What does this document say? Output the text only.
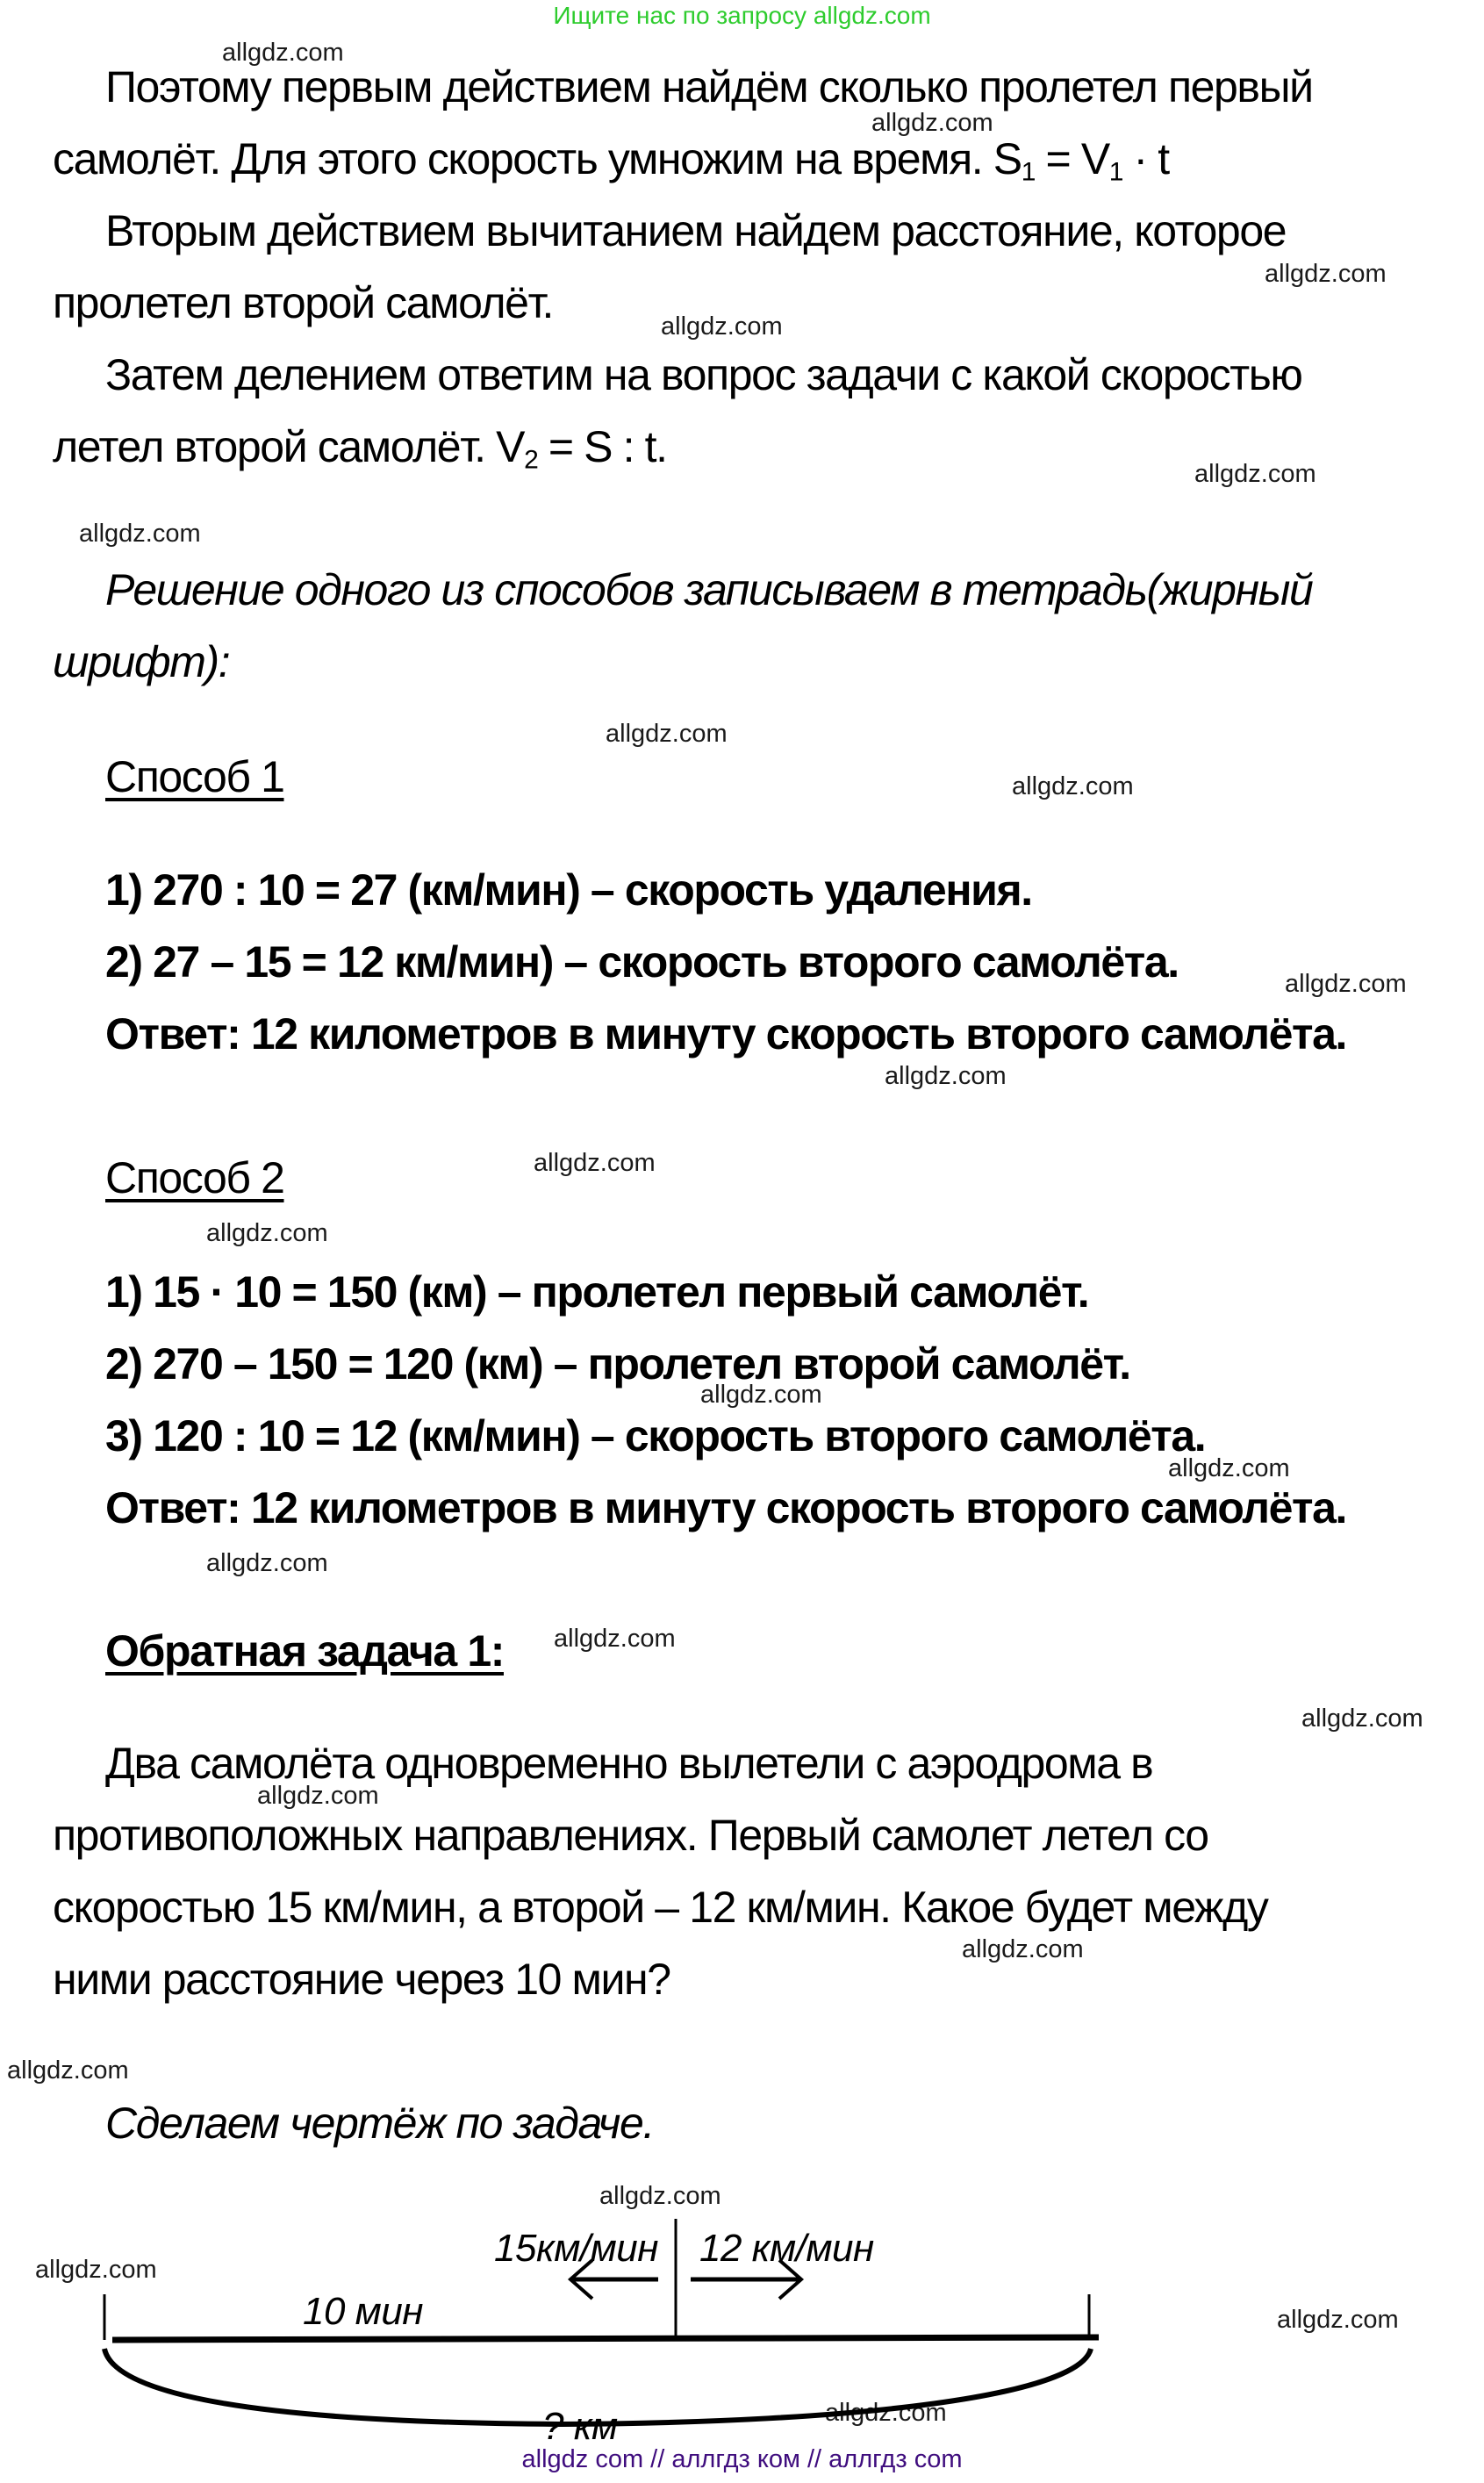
Ищите нас по запросу allgdz.com
allgdz.com
allgdz.com
allgdz.com
allgdz.com
allgdz.com
allgdz.com
allgdz.com
allgdz.com
allgdz.com
allgdz.com
allgdz.com
allgdz.com
allgdz.com
allgdz.com
allgdz.com
allgdz.com
allgdz.com
allgdz.com
allgdz.com
allgdz.com
allgdz.com
allgdz.com
allgdz.com
allgdz.com
Поэтому первым действием найдём сколько пролетел первый
самолёт. Для этого скорость умножим на время. $S_1 = V_1 \cdot t$
Вторым действием вычитанием найдем расстояние, которое
пролетел второй самолёт.
Затем делением ответим на вопрос задачи с какой скоростью
летел второй самолёт. $V_2 = S$ : t.
Решение одного из способов записываем в тетрадь(жирный
шрифт):
Способ 1
1) 270 : 10 = 27 (км/мин) – скорость удаления.
2) 27 – 15 = 12 км/мин) – скорость второго самолёта.
Ответ: 12 километров в минуту скорость второго самолёта.
Способ 2
1) 15 · 10 = 150 (км) – пролетел первый самолёт.
2) 270 – 150 = 120 (км) – пролетел второй самолёт.
3) 120 : 10 = 12 (км/мин) – скорость второго самолёта.
Ответ: 12 километров в минуту скорость второго самолёта.
Обратная задача 1:
Два самолёта одновременно вылетели с аэродрома в
противоположных направлениях. Первый самолет летел со
скоростью 15 км/мин, а второй – 12 км/мин. Какое будет между
ними расстояние через 10 мин?
Сделаем чертёж по задаче.
15км/мин 12 км/мин
10 мин
? км
allgdz com // аллгдз ком // аллгдз com
